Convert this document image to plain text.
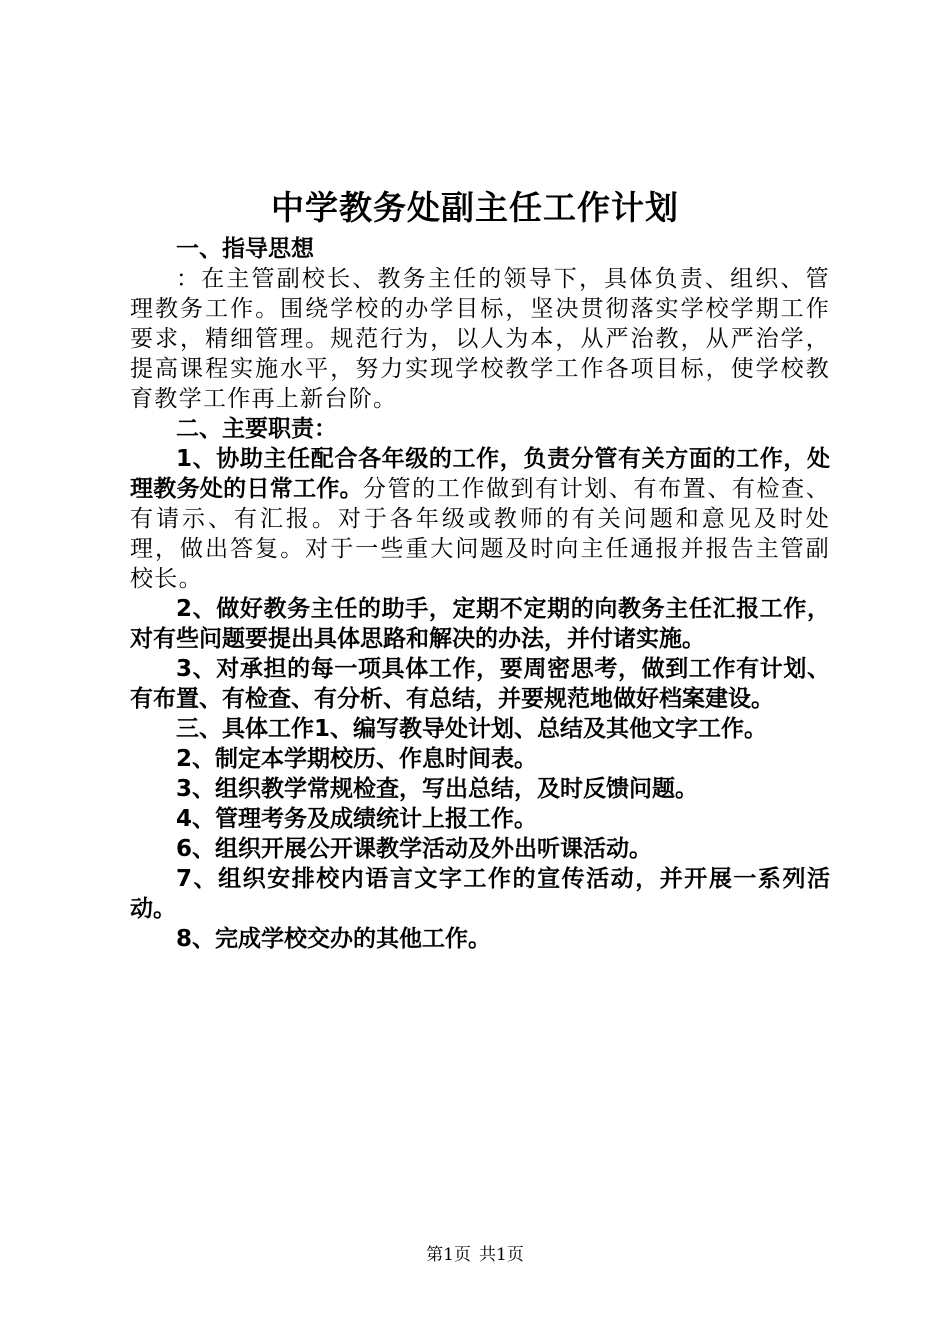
中学教务处副主任工作计划

一、指导思想

：在主管副校长、教务主任的领导下，具体负责、组织、管理教务工作。围绕学校的办学目标，坚决贯彻落实学校学期工作要求，精细管理。规范行为，以人为本，从严治教，从严治学，提高课程实施水平，努力实现学校教学工作各项目标，使学校教育教学工作再上新台阶。

二、主要职责：

1、协助主任配合各年级的工作，负责分管有关方面的工作，处理教务处的日常工作。分管的工作做到有计划、有布置、有检查、有请示、有汇报。对于各年级或教师的有关问题和意见及时处理，做出答复。对于一些重大问题及时向主任通报并报告主管副校长。

2、做好教务主任的助手，定期不定期的向教务主任汇报工作，对有些问题要提出具体思路和解决的办法，并付诸实施。

3、对承担的每一项具体工作，要周密思考，做到工作有计划、有布置、有检查、有分析、有总结，并要规范地做好档案建设。

三、具体工作1、编写教导处计划、总结及其他文字工作。

2、制定本学期校历、作息时间表。

3、组织教学常规检查，写出总结，及时反馈问题。

4、管理考务及成绩统计上报工作。

6、组织开展公开课教学活动及外出听课活动。

7、组织安排校内语言文字工作的宣传活动，并开展一系列活动。

8、完成学校交办的其他工作。

第1页 共1页
